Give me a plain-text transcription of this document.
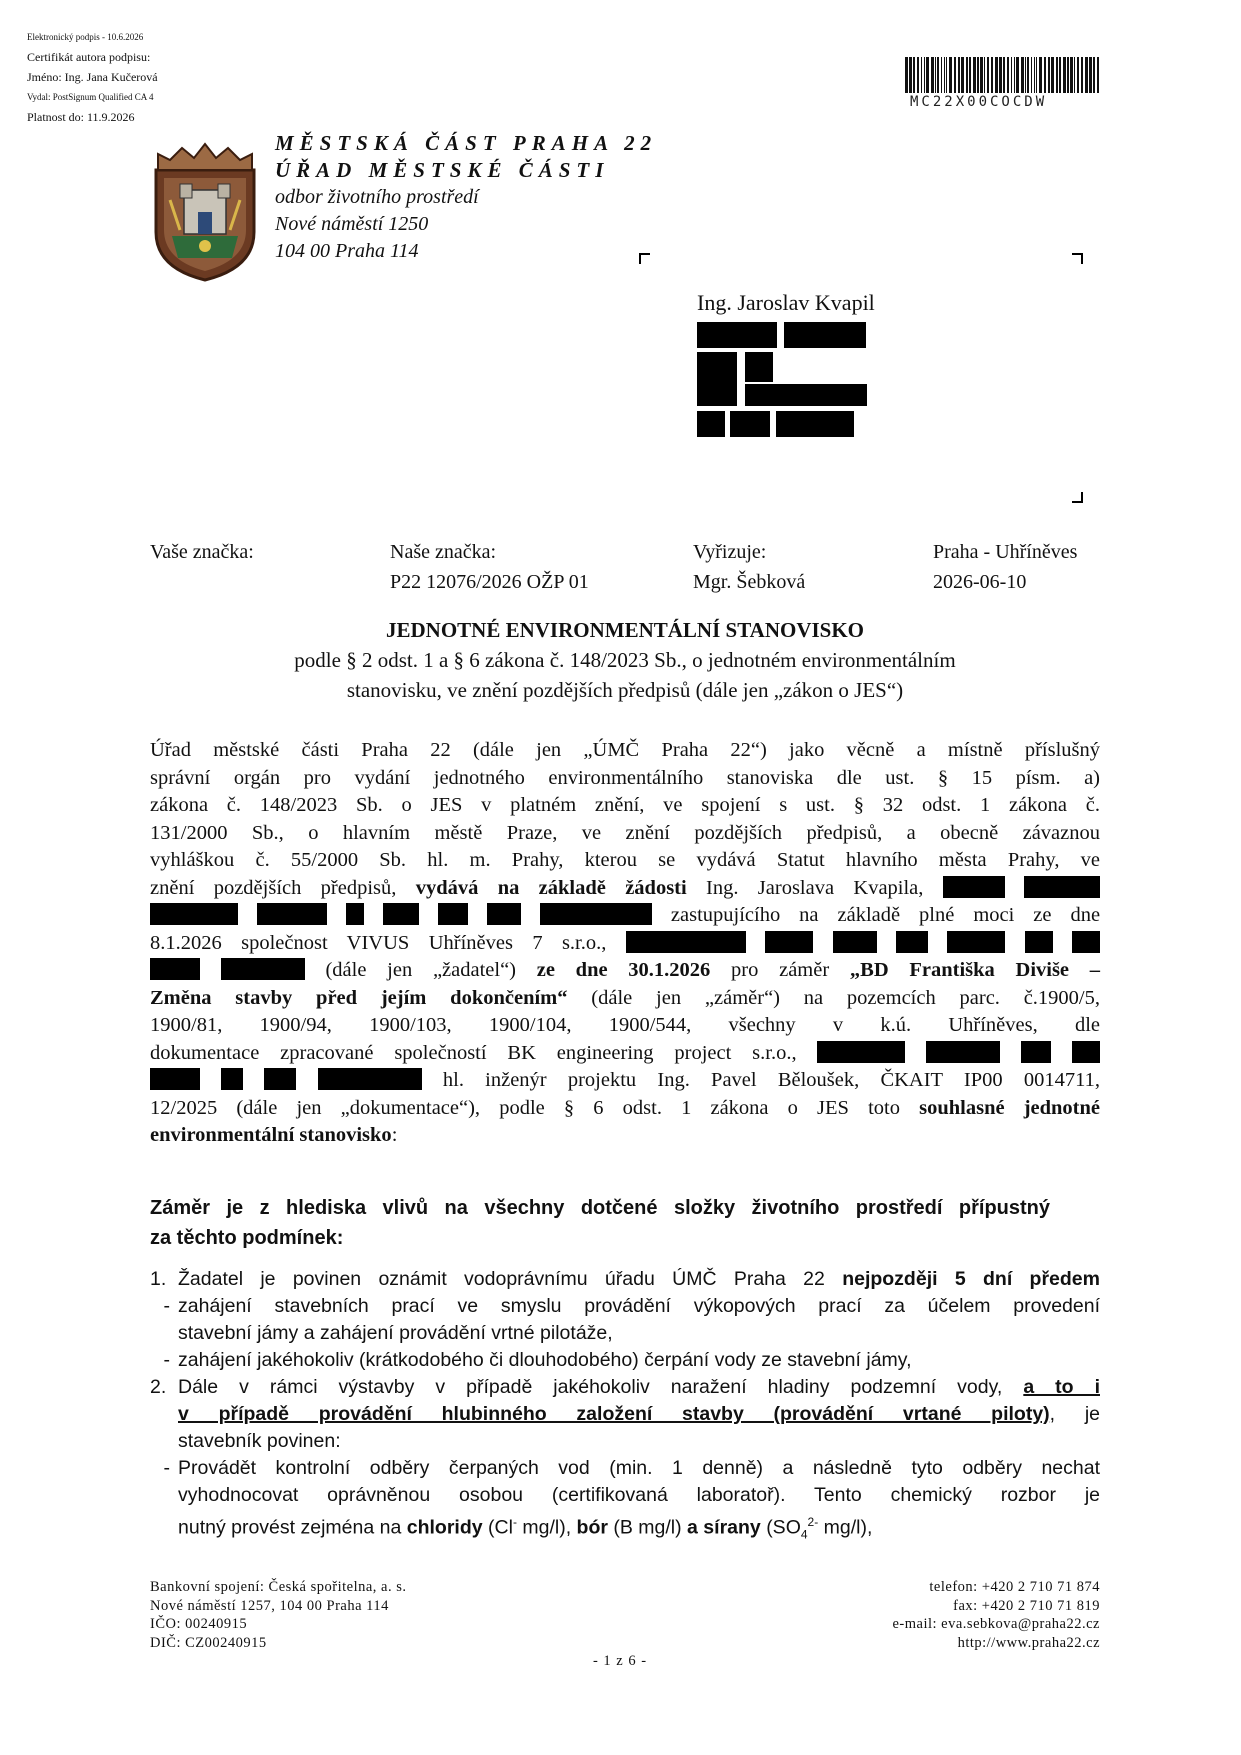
Elektronický podpis - 10.6.2026
Certifikát autora podpisu:
Jméno: Ing. Jana Kučerová
Vydal: PostSignum Qualified CA 4
Platnost do: 11.9.2026
MC22X00COCDW
MĚSTSKÁ ČÁST PRAHA 22
ÚŘAD MĚSTSKÉ ČÁSTI
odbor životního prostředí
Nové náměstí 1250
104 00 Praha 114
Ing. Jaroslav Kvapil
Vaše značka:	Naše značka:
P22 12076/2026 OŽP 01
Vyřizuje:
Mgr. Šebková
Praha - Uhříněves
2026-06-10
JEDNOTNÉ ENVIRONMENTÁLNÍ STANOVISKO
podle § 2 odst. 1 a § 6 zákona č. 148/2023 Sb., o jednotném environmentálním
stanovisku, ve znění pozdějších předpisů (dále jen „zákon o JES“)
Úřad městské části Praha 22 (dále jen „ÚMČ Praha 22“) jako věcně a místně příslušný
správní orgán pro vydání jednotného environmentálního stanoviska dle ust. § 15 písm. a)
zákona č. 148/2023 Sb. o JES v platném znění, ve spojení s ust. § 32 odst. 1 zákona č.
131/2000 Sb., o hlavním městě Praze, ve znění pozdějších předpisů, a obecně závaznou
vyhláškou č. 55/2000 Sb. hl. m. Prahy, kterou se vydává Statut hlavního města Prahy, ve
znění pozdějších předpisů, vydává na základě žádosti Ing. Jaroslava Kvapila,
zastupujícího na základě plné moci ze dne
8.1.2026 společnost VIVUS Uhříněves 7 s.r.o.,
(dále jen „žadatel“) ze dne 30.1.2026 pro záměr „BD Františka Diviše –
Změna stavby před jejím dokončením“ (dále jen „záměr“) na pozemcích parc. č.1900/5,
1900/81, 1900/94, 1900/103, 1900/104, 1900/544, všechny v k.ú. Uhříněves, dle
dokumentace zpracované společností BK engineering project s.r.o.,
hl. inženýr projektu Ing. Pavel Běloušek, ČKAIT IP00 0014711,
12/2025 (dále jen „dokumentace“), podle § 6 odst. 1 zákona o JES toto souhlasné jednotné
environmentální stanovisko:
Záměr je z hlediska vlivů na všechny dotčené složky životního prostředí přípustný
za těchto podmínek:
1. Žadatel je povinen oznámit vodoprávnímu úřadu ÚMČ Praha 22 nejpozději 5 dní předem
- zahájení stavebních prací ve smyslu provádění výkopových prací za účelem provedení
stavební jámy a zahájení provádění vrtné pilotáže,
- zahájení jakéhokoliv (krátkodobého či dlouhodobého) čerpání vody ze stavební jámy,
2. Dále v rámci výstavby v případě jakéhokoliv naražení hladiny podzemní vody, a to i
v případě provádění hlubinného založení stavby (provádění vrtané piloty), je
stavebník povinen:
- Provádět kontrolní odběry čerpaných vod (min. 1 denně) a následně tyto odběry nechat
vyhodnocovat oprávněnou osobou (certifikovaná laboratoř). Tento chemický rozbor je
nutný provést zejména na chloridy (Cl- mg/l), bór (B mg/l) a sírany ($SO_4^{2-}$ mg/l),
Bankovní spojení: Česká spořitelna, a. s.
Nové náměstí 1257, 104 00 Praha 114
IČO: 00240915
DIČ: CZ00240915
telefon: +420 2 710 71 874
fax: +420 2 710 71 819
e-mail: eva.sebkova@praha22.cz
http://www.praha22.cz
- 1 z 6 -
